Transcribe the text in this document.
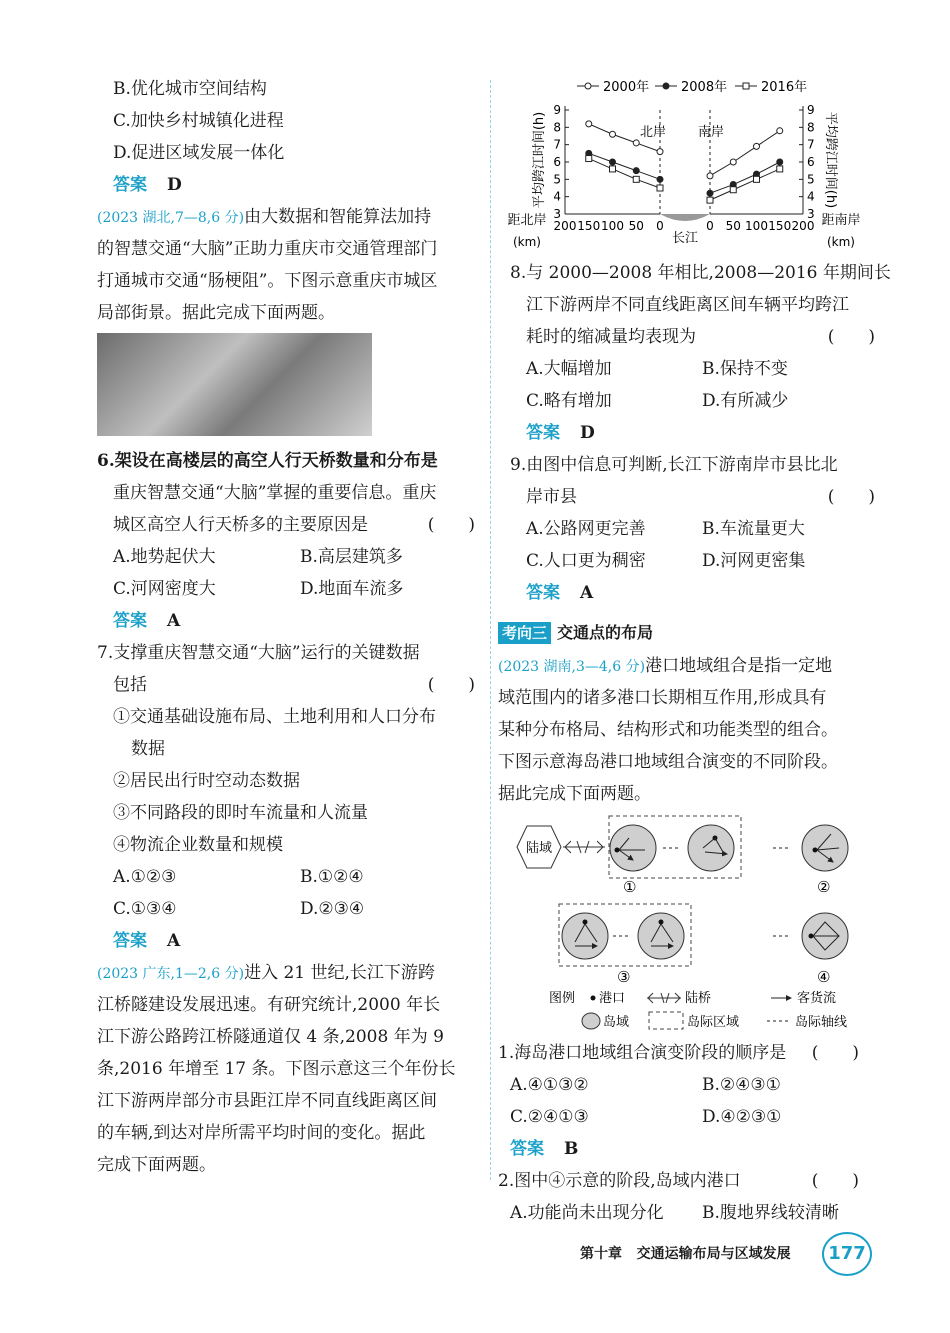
B.优化城市空间结构
C.加快乡村城镇化进程
D.促进区域发展一体化
答案 D
(2023 湖北,7—8,6 分)由大数据和智能算法加持
的智慧交通“大脑”正助力重庆市交通管理部门
打通城市交通“肠梗阻”。下图示意重庆市城区
局部街景。据此完成下面两题。
6.架设在高楼层的高空人行天桥数量和分布是
重庆智慧交通“大脑”掌握的重要信息。重庆
城区高空人行天桥多的主要原因是	(　　)
A.地势起伏大	B.高层建筑多
C.河网密度大	D.地面车流多
答案 A
7.支撑重庆智慧交通“大脑”运行的关键数据
包括	(　　)
①交通基础设施布局、土地利用和人口分布
数据
②居民出行时空动态数据
③不同路段的即时车流量和人流量
④物流企业数量和规模
A.①②③	B.①②④
C.①③④	D.②③④
答案 A
(2023 广东,1—2,6 分)进入 21 世纪,长江下游跨
江桥隧建设发展迅速。有研究统计,2000 年长
江下游公路跨江桥隧通道仅 4 条,2008 年为 9
条,2016 年增至 17 条。下图示意这三个年份长
江下游两岸部分市县距江岸不同直线距离区间
的车辆,到达对岸所需平均时间的变化。据此
完成下面两题。
2000年 2008年	2016年
3	3
4	4
5	5
6	6
7	7
8	8
9	9
200 150 100 50 0	0 50 100 150 200
北岸 南岸
长江
距北岸
(km)
距南岸
(km)
平均跨江时间(h)	平均跨江时间(h)
8.与 2000—2008 年相比,2008—2016 年期间长
江下游两岸不同直线距离区间车辆平均跨江
耗时的缩减量均表现为	(　　)
A.大幅增加	B.保持不变
C.略有增加	D.有所减少
答案 D
9.由图中信息可判断,长江下游南岸市县比北
岸市县	(　　)
A.公路网更完善	B.车流量更大
C.人口更为稠密	D.河网更密集
答案 A
考向三 交通点的布局
(2023 湖南,3—4,6 分)港口地域组合是指一定地
域范围内的诸多港口长期相互作用,形成具有
某种分布格局、结构形式和功能类型的组合。
下图示意海岛港口地域组合演变的不同阶段。
据此完成下面两题。
1.海岛港口地域组合演变阶段的顺序是 (　　)
A.④①③②	B.②④③①
C.②④①③	D.④②③①
答案 B
2.图中④示意的阶段,岛域内港口	(　　)
A.功能尚未出现分化 B.腹地界线较清晰
陆域
①	②
③	④
图例 港口	陆桥	客货流
岛域	岛际区域	岛际轴线
第十章 交通运输布局与区域发展	177
